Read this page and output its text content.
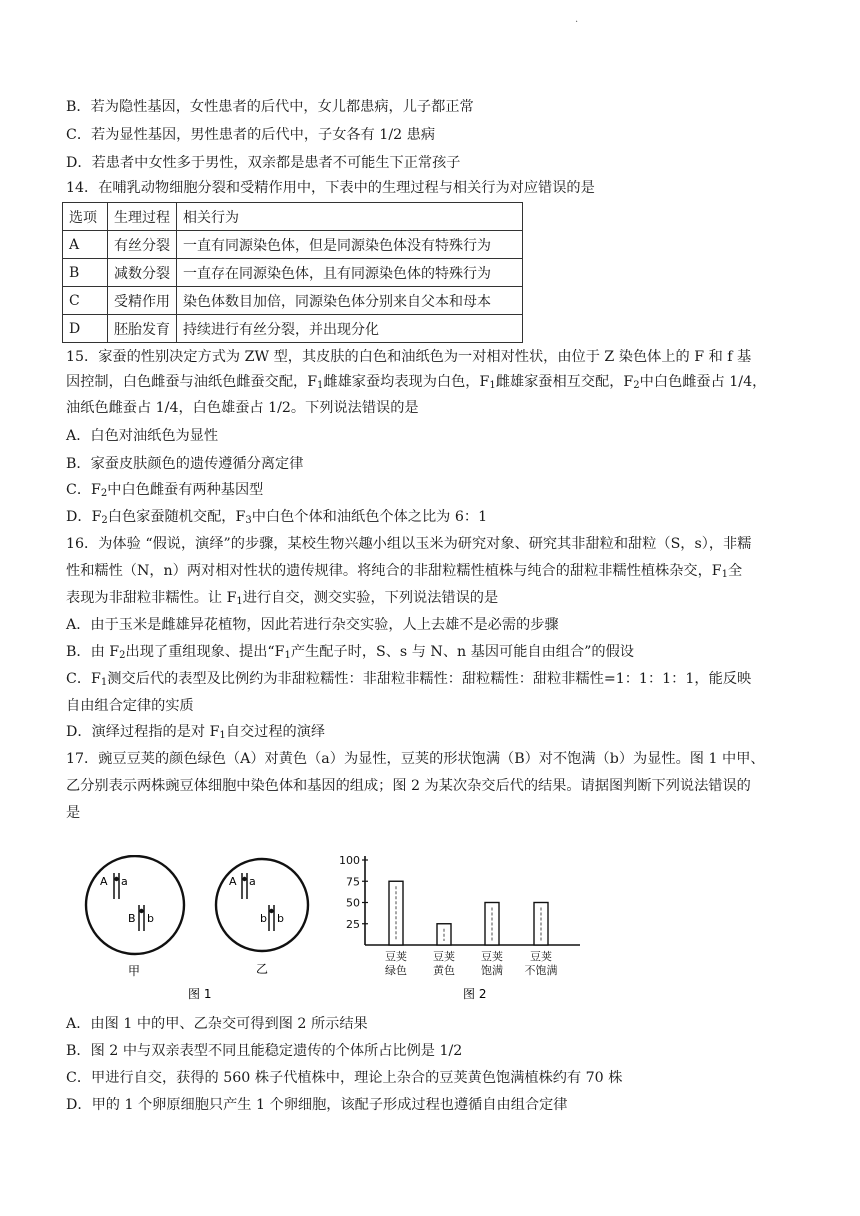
.
B．若为隐性基因，女性患者的后代中，女儿都患病，儿子都正常
C．若为显性基因，男性患者的后代中，子女各有 1/2 患病
D．若患者中女性多于男性，双亲都是患者不可能生下正常孩子
14．在哺乳动物细胞分裂和受精作用中，下表中的生理过程与相关行为对应错误的是
选项	生理过程	相关行为
A	有丝分裂	一直有同源染色体，但是同源染色体没有特殊行为
B	减数分裂	一直存在同源染色体，且有同源染色体的特殊行为
C	受精作用	染色体数目加倍，同源染色体分别来自父本和母本
D	胚胎发育	持续进行有丝分裂，并出现分化
15．家蚕的性别决定方式为 ZW 型，其皮肤的白色和油纸色为一对相对性状，由位于 Z 染色体上的 F 和 f 基
因控制，白色雌蚕与油纸色雌蚕交配，$F_1$雌雄家蚕均表现为白色，$F_1$雌雄家蚕相互交配，$F_2$中白色雌蚕占 1/4，
油纸色雌蚕占 1/4，白色雄蚕占 1/2。下列说法错误的是
A．白色对油纸色为显性
B．家蚕皮肤颜色的遗传遵循分离定律
C．$F_2$中白色雌蚕有两种基因型
D．$F_2$白色家蚕随机交配，$F_3$中白色个体和油纸色个体之比为 6：1
16．为体验 “假说，演绎”的步骤，某校生物兴趣小组以玉米为研究对象、研究其非甜粒和甜粒（S，s），非糯
性和糯性（N，n）两对相对性状的遗传规律。将纯合的非甜粒糯性植株与纯合的甜粒非糯性植株杂交，$F_1$全
表现为非甜粒非糯性。让 $F_1$进行自交，测交实验，下列说法错误的是
A．由于玉米是雌雄异花植物，因此若进行杂交实验，人上去雄不是必需的步骤
B．由 $F_2$出现了重组现象、提出“$F_1$产生配子时，S、s 与 N、n 基因可能自由组合”的假设
C．$F_1$测交后代的表型及比例约为非甜粒糯性：非甜粒非糯性：甜粒糯性：甜粒非糯性=1：1：1：1，能反映
自由组合定律的实质
D．演绎过程指的是对 $F_1$自交过程的演绎
17．豌豆豆荚的颜色绿色（A）对黄色（a）为显性，豆荚的形状饱满（B）对不饱满（b）为显性。图 1 中甲、
乙分别表示两株豌豆体细胞中染色体和基因的组成；图 2 为某次杂交后代的结果。请据图判断下列说法错误的
是
A a
B b
甲
A a
b b
乙
图 1
100
75
50
25
豆荚
绿色
豆荚
黄色
豆荚
饱满
豆荚
不饱满
图 2
A．由图 1 中的甲、乙杂交可得到图 2 所示结果
B．图 2 中与双亲表型不同且能稳定遗传的个体所占比例是 1/2
C．甲进行自交，获得的 560 株子代植株中，理论上杂合的豆荚黄色饱满植株约有 70 株
D．甲的 1 个卵原细胞只产生 1 个卵细胞，该配子形成过程也遵循自由组合定律
